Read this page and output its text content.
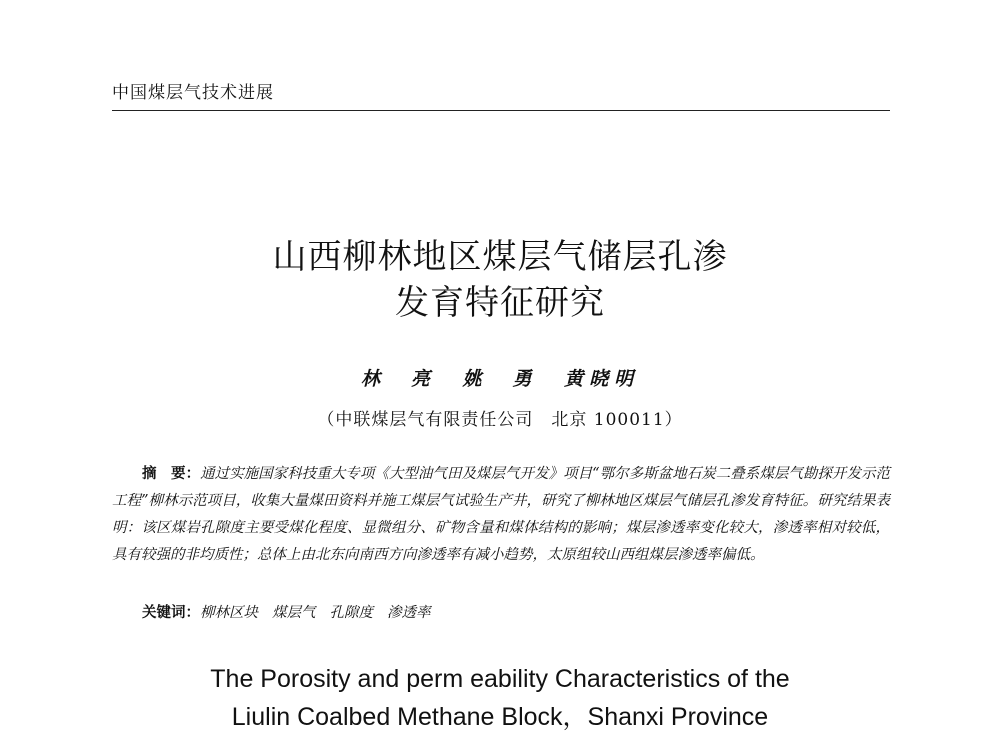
中国煤层气技术进展
山西柳林地区煤层气储层孔渗
发育特征研究
林　亮 姚　勇 黄晓明
（中联煤层气有限责任公司　北京 100011）
摘　要：通过实施国家科技重大专项《大型油气田及煤层气开发》项目“鄂尔多斯盆地石炭二叠系煤层气勘探开发示范工程”柳林示范项目，收集大量煤田资料并施工煤层气试验生产井，研究了柳林地区煤层气储层孔渗发育特征。研究结果表明：该区煤岩孔隙度主要受煤化程度、显微组分、矿物含量和煤体结构的影响；煤层渗透率变化较大，渗透率相对较低，具有较强的非均质性；总体上由北东向南西方向渗透率有减小趋势，太原组较山西组煤层渗透率偏低。
关键词：柳林区块 煤层气 孔隙度 渗透率
The Porosity and perm eability Characteristics of the
Liulin Coalbed Methane Block，Shanxi Province
